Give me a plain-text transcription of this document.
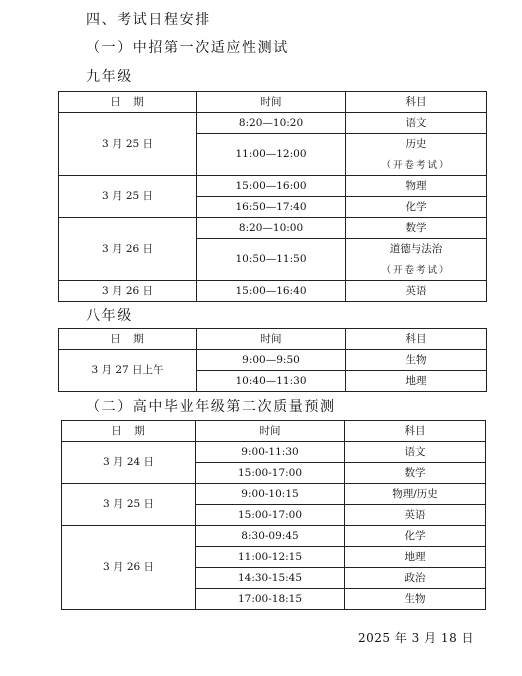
四、考试日程安排
（一）中招第一次适应性测试
九年级
日　期	时间	科目
3 月 25 日	8:20—10:20	语文
	11:00—12:00	历史
（开卷考试）

3 月 25 日	15:00—16:00	物理
	16:50—17:40	化学
3 月 26 日	8:20—10:00	数学
	10:50—11:50	道德与法治
（开卷考试）

3 月 26 日	15:00—16:40	英语
八年级
日　期	时间	科目
3 月 27 日上午	9:00—9:50	生物
	10:40—11:30	地理
（二）高中毕业年级第二次质量预测
日　期	时间	科目
3 月 24 日	9:00-11:30	语文
	15:00-17:00	数学
3 月 25 日	9:00-10:15	物理/历史
	15:00-17:00	英语
3 月 26 日	8:30-09:45	化学
	11:00-12:15	地理
	14:30-15:45	政治
	17:00-18:15	生物
2025 年 3 月 18 日
